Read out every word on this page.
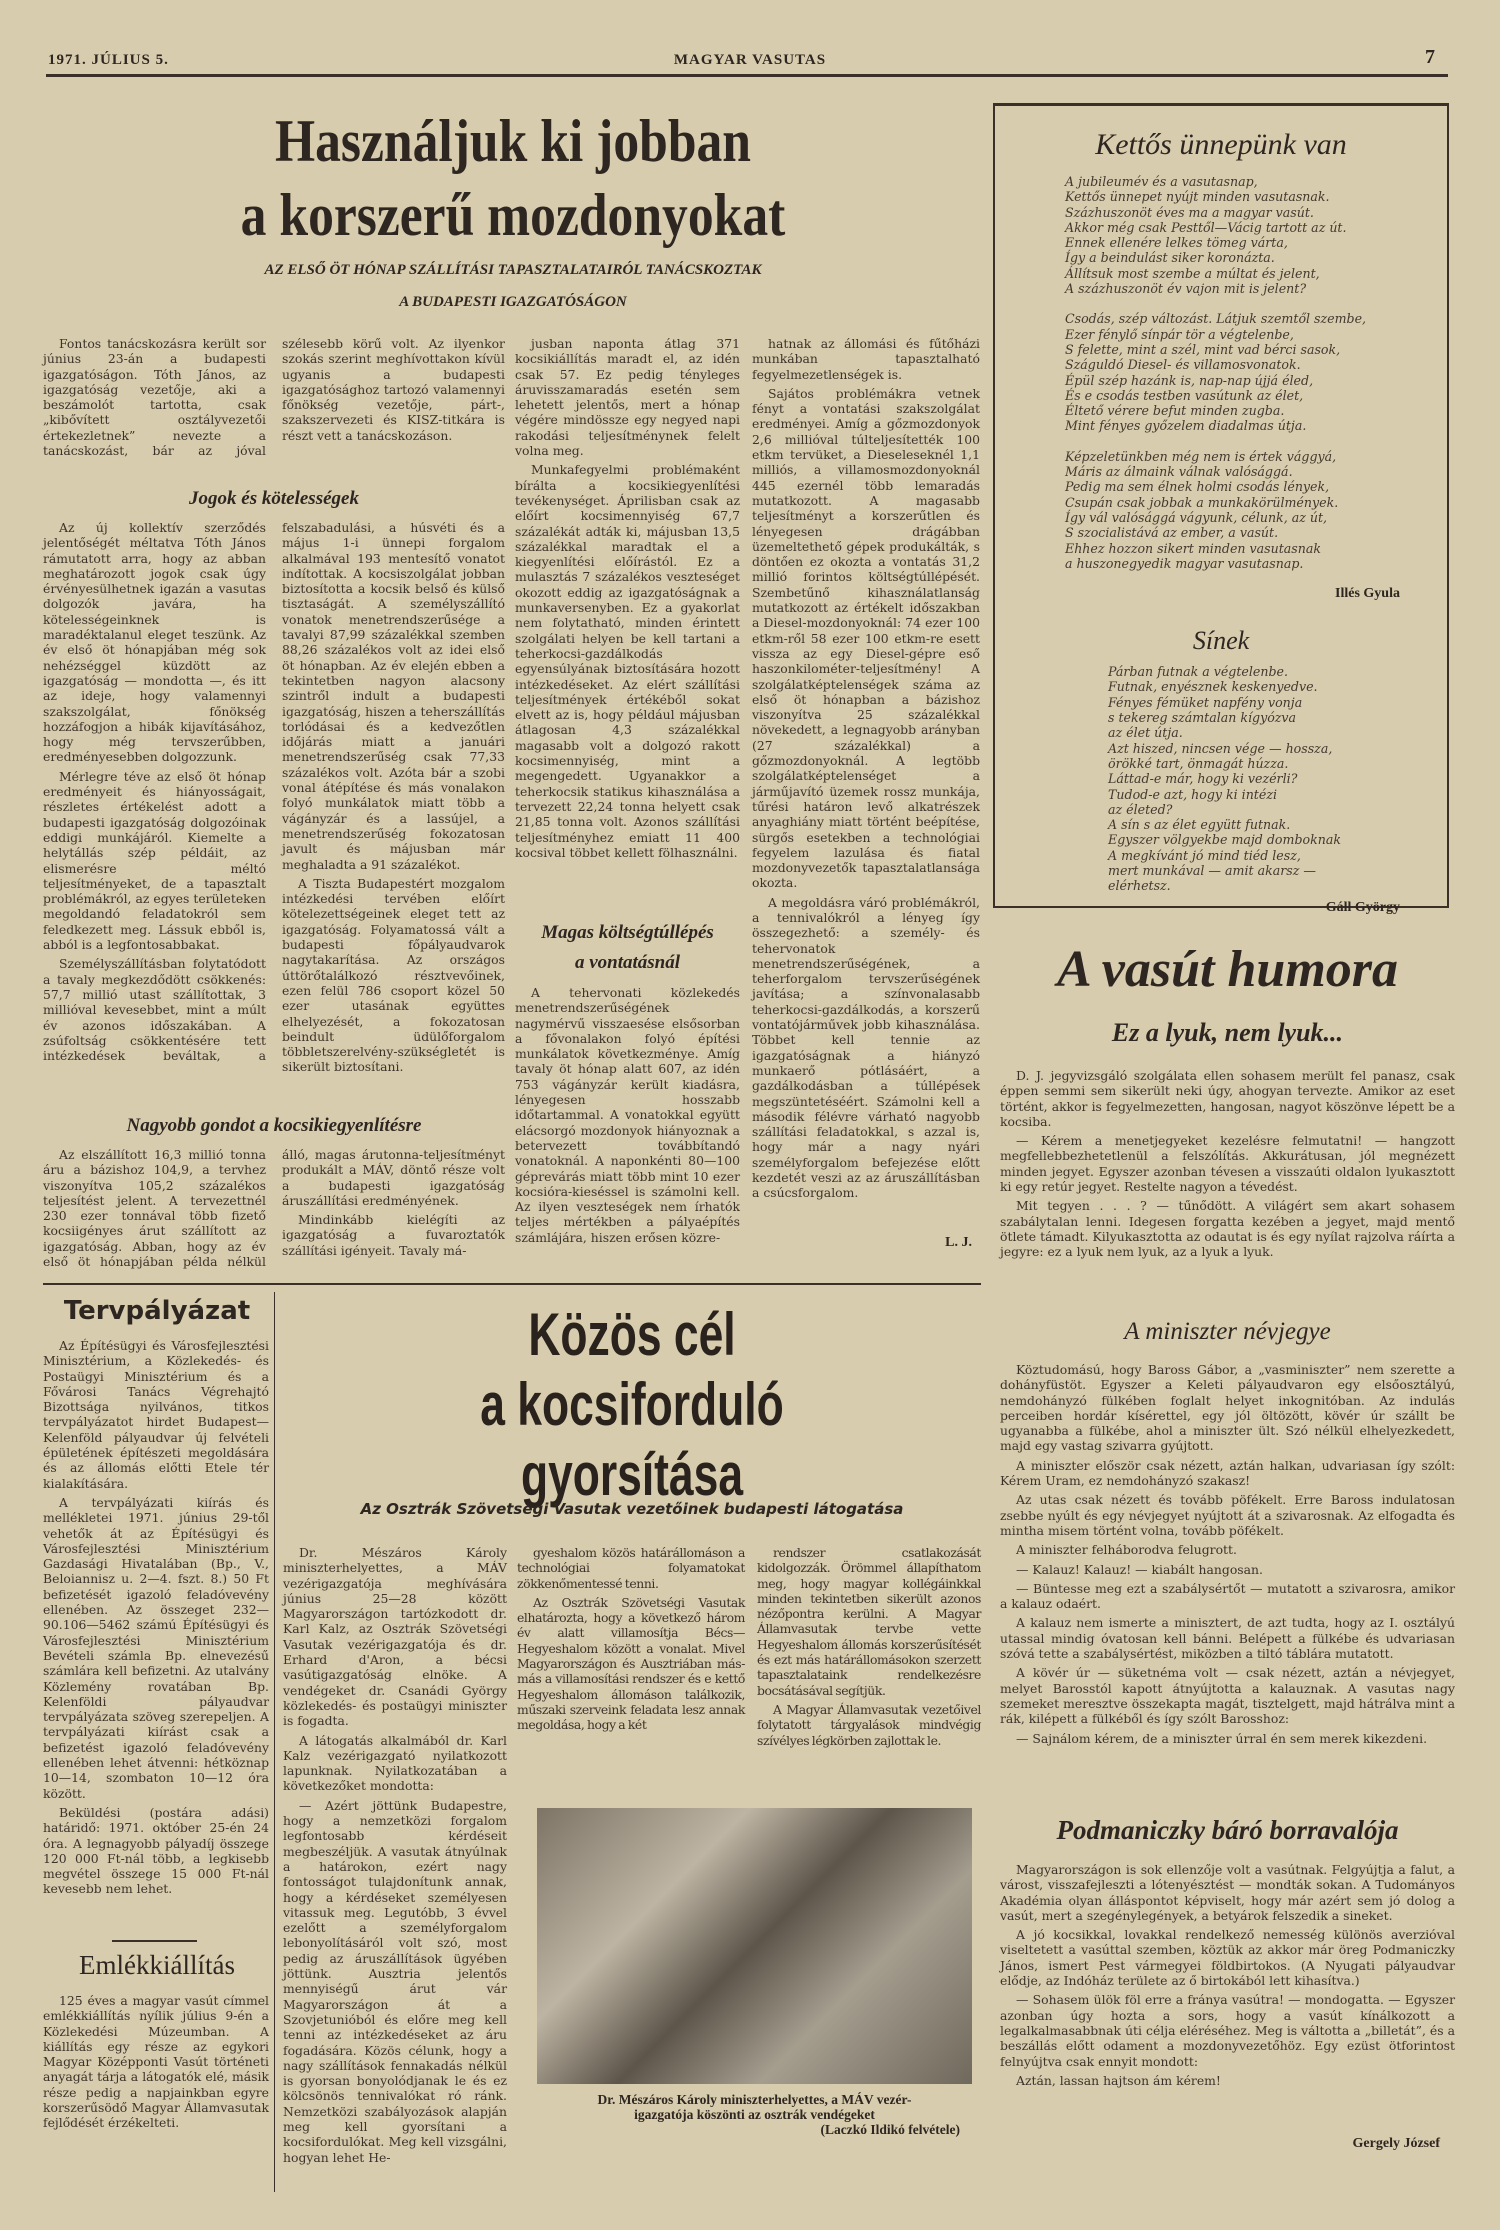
1971. JÚLIUS 5.	MAGYAR VASUTAS	7
Használjuk ki jobban
a korszerű mozdonyokat
AZ ELSŐ ÖT HÓNAP SZÁLLÍTÁSI TAPASZTALATAIRÓL TANÁCSKOZTAK
A BUDAPESTI IGAZGATÓSÁGON

Fontos tanácskozásra került sor június 23-án a budapesti igazgatóságon. Tóth János, az igazgatóság vezetője, aki a beszámolót tartotta, csak „kibővített osztályvezetői értekezletnek” nevezte a tanácskozást, bár az jóval szélesebb körű volt. Az ilyenkor szokás szerint meghívottakon kívül ugyanis a budapesti igazgatósághoz tartozó valamennyi főnökség vezetője, párt-, szakszervezeti és KISZ-titkára is részt vett a tanácskozáson.

Jogok és kötelességek

Az új kollektív szerződés jelentőségét méltatva Tóth János rámutatott arra, hogy az abban meghatározott jogok csak úgy érvényesülhetnek igazán a vasutas dolgozók javára, ha kötelességeinknek is maradéktalanul eleget teszünk. Az év első öt hónapjában még sok nehézséggel küzdött az igazgatóság — mondotta —, és itt az ideje, hogy valamennyi szakszolgálat, főnökség hozzáfogjon a hibák kijavításához, hogy még tervszerűbben, eredményesebben dolgozzunk.

Mérlegre téve az első öt hónap eredményeit és hiányosságait, részletes értékelést adott a budapesti igazgatóság dolgozóinak eddigi munkájáról. Kiemelte a helytállás szép példáit, az elismerésre méltó teljesítményeket, de a tapasztalt problémákról, az egyes területeken megoldandó feladatokról sem feledkezett meg. Lássuk ebből is, abból is a legfontosabbakat.

Személyszállításban folytatódott a tavaly megkezdődött csökkenés: 57,7 millió utast szállítottak, 3 millióval kevesebbet, mint a múlt év azonos időszakában. A zsúfoltság csökkentésére tett intézkedések beváltak, a felszabadulási, a húsvéti és a május 1-i ünnepi forgalom alkalmával 193 mentesítő vonatot indítottak. A kocsiszolgálat jobban biztosította a kocsik belső és külső tisztaságát. A személyszállító vonatok menetrendszerűsége a tavalyi 87,99 százalékkal szemben 88,26 százalékos volt az idei első öt hónapban. Az év elején ebben a tekintetben nagyon alacsony szintről indult a budapesti igazgatóság, hiszen a teherszállítás torlódásai és a kedvezőtlen időjárás miatt a januári menetrendszerűség csak 77,33 százalékos volt. Azóta bár a szobi vonal átépítése és más vonalakon folyó munkálatok miatt több a vágányzár és a lassújel, a menetrendszerűség fokozatosan javult és májusban már meghaladta a 91 százalékot.

A Tiszta Budapestért mozgalom intézkedési tervében előírt kötelezettségeinek eleget tett az igazgatóság. Folyamatossá vált a budapesti főpályaudvarok nagytakarítása. Az országos úttörőtalálkozó résztvevőinek, ezen felül 786 csoport közel 50 ezer utasának együttes elhelyezését, a fokozatosan beindult üdülőforgalom többletszerelvény-szükségletét is sikerült biztosítani.

Nagyobb gondot a kocsikiegyenlítésre

Az elszállított 16,3 millió tonna áru a bázishoz 104,9, a tervhez viszonyítva 105,2 százalékos teljesítést jelent. A tervezettnél 230 ezer tonnával több fizető kocsiigényes árut szállított az igazgatóság. Abban, hogy az év első öt hónapjában példa nélkül álló, magas árutonna-teljesítményt produkált a MÁV, döntő része volt a budapesti igazgatóság áruszállítási eredményének.

Mindinkább kielégíti az igazgatóság a fuvaroztatók szállítási igényeit. Tavaly má-

jusban naponta átlag 371 kocsikiállítás maradt el, az idén csak 57. Ez pedig tényleges áruvisszamaradás esetén sem lehetett jelentős, mert a hónap végére mindössze egy negyed napi rakodási teljesítménynek felelt volna meg.

Munkafegyelmi problémaként bírálta a kocsikiegyenlítési tevékenységet. Áprilisban csak az előírt kocsimennyiség 67,7 százalékát adták ki, májusban 13,5 százalékkal maradtak el a kiegyenlítési előírástól. Ez a mulasztás 7 százalékos veszteséget okozott eddig az igazgatóságnak a munkaversenyben. Ez a gyakorlat nem folytatható, minden érintett szolgálati helyen be kell tartani a teherkocsi-gazdálkodás egyensúlyának biztosítására hozott intézkedéseket. Az elért szállítási teljesítmények értékéből sokat elvett az is, hogy például májusban átlagosan 4,3 százalékkal magasabb volt a dolgozó rakott kocsimennyiség, mint a megengedett. Ugyanakkor a teherkocsik statikus kihasználása a tervezett 22,24 tonna helyett csak 21,85 tonna volt. Azonos szállítási teljesítményhez emiatt 11 400 kocsival többet kellett fölhasználni.

Magas költségtúllépés
a vontatásnál

A tehervonati közlekedés menetrendszerűségének nagymérvű visszaesése elsősorban a fővonalakon folyó építési munkálatok következménye. Amíg tavaly öt hónap alatt 607, az idén 753 vágányzár került kiadásra, lényegesen hosszabb időtartammal. A vonatokkal együtt elácsorgó mozdonyok hiányoznak a betervezett továbbítandó vonatoknál. A naponkénti 80—100 géprevárás miatt több mint 10 ezer kocsióra-kieséssel is számolni kell. Az ilyen veszteségek nem írhatók teljes mértékben a pályaépítés számlájára, hiszen erősen közre-

hatnak az állomási és fűtőházi munkában tapasztalható fegyelmezetlenségek is.

Sajátos problémákra vetnek fényt a vontatási szakszolgálat eredményei. Amíg a gőzmozdonyok 2,6 millióval túlteljesítették 100 etkm tervüket, a Dieseleseknél 1,1 milliós, a villamosmozdonyoknál 445 ezernél több lemaradás mutatkozott. A magasabb teljesítményt a korszerűtlen és lényegesen drágábban üzemeltethető gépek produkálták, s döntően ez okozta a vontatás 31,2 millió forintos költségtúllépését. Szembetűnő kihasználatlanság mutatkozott az értékelt időszakban a Diesel-mozdonyoknál: 74 ezer 100 etkm-ről 58 ezer 100 etkm-re esett vissza az egy Diesel-gépre eső haszonkilométer-teljesítmény! A szolgálatképtelenségek száma az első öt hónapban a bázishoz viszonyítva 25 százalékkal növekedett, a legnagyobb arányban (27 százalékkal) a gőzmozdonyoknál. A legtöbb szolgálatképtelenséget a járműjavító üzemek rossz munkája, tűrési határon levő alkatrészek anyaghiány miatt történt beépítése, sürgős esetekben a technológiai fegyelem lazulása és fiatal mozdonyvezetők tapasztalatlansága okozta.

A megoldásra váró problémákról, a tennivalókról a lényeg így összegezhető: a személy- és tehervonatok menetrendszerűségének, a teherforgalom tervszerűségének javítása; a színvonalasabb teherkocsi-gazdálkodás, a korszerű vontatójárművek jobb kihasználása. Többet kell tennie az igazgatóságnak a hiányzó munkaerő pótlásáért, a gazdálkodásban a túllépések megszüntetéséért. Számolni kell a második félévre várható nagyobb szállítási feladatokkal, s azzal is, hogy már a nagy nyári személyforgalom befejezése előtt kezdetét veszi az az áruszállításban a csúcsforgalom.

L. J.
Kettős ünnepünk van
A jubileumév és a vasutasnap,
Kettős ünnepet nyújt minden vasutasnak.
Százhuszonöt éves ma a magyar vasút.
Akkor még csak Pesttől—Vácig tartott az út.
Ennek ellenére lelkes tömeg várta,
Így a beindulást siker koronázta.
Állítsuk most szembe a múltat és jelent,
A százhuszonöt év vajon mit is jelent?
Csodás, szép változást. Látjuk szemtől szembe,
Ezer fénylő sínpár tör a végtelenbe,
S felette, mint a szél, mint vad bérci sasok,
Száguldó Diesel- és villamosvonatok.
Épül szép hazánk is, nap-nap újjá éled,
És e csodás testben vasútunk az élet,
Éltető vérere befut minden zugba.
Mint fényes győzelem diadalmas útja.
Képzeletünkben még nem is értek vággyá,
Máris az álmaink válnak valósággá.
Pedig ma sem élnek holmi csodás lények,
Csupán csak jobbak a munkakörülmények.
Így vál valósággá vágyunk, célunk, az út,
S szocialistává az ember, a vasút.
Ehhez hozzon sikert minden vasutasnak
a huszonegyedik magyar vasutasnap.
Illés Gyula
Sínek
Párban futnak a végtelenbe.
Futnak, enyésznek keskenyedve.
Fényes fémüket napfény vonja
s tekereg számtalan kígyózva
az élet útja.
Azt hiszed, nincsen vége — hossza,
örökké tart, önmagát húzza.
Láttad-e már, hogy ki vezérli?
Tudod-e azt, hogy ki intézi
az életed?
A sín s az élet együtt futnak.
Egyszer völgyekbe majd domboknak
A megkívánt jó mind tiéd lesz,
mert munkával — amit akarsz —
elérhetsz.
Gáll György
A vasút humora
Ez a lyuk, nem lyuk...

D. J. jegyvizsgáló szolgálata ellen sohasem merült fel panasz, csak éppen semmi sem sikerült neki úgy, ahogyan tervezte. Amikor az eset történt, akkor is fegyelmezetten, hangosan, nagyot köszönve lépett be a kocsiba.

— Kérem a menetjegyeket kezelésre felmutatni! — hangzott megfellebbezhetetlenül a felszólítás. Akkurátusan, jól megnézett minden jegyet. Egyszer azonban tévesen a visszaúti oldalon lyukasztott ki egy retúr jegyet. Restelte nagyon a tévedést.

Mit tegyen . . . ? — tűnődött. A világért sem akart sohasem szabálytalan lenni. Idegesen forgatta kezében a jegyet, majd mentő ötlete támadt. Kilyukasztotta az odautat is és egy nyílat rajzolva ráírta a jegyre: ez a lyuk nem lyuk, az a lyuk a lyuk.

A miniszter névjegye

Köztudomású, hogy Baross Gábor, a „vasminiszter” nem szerette a dohányfüstöt. Egyszer a Keleti pályaudvaron egy elsőosztályú, nemdohányzó fülkében foglalt helyet inkognitóban. Az indulás perceiben hordár kísérettel, egy jól öltözött, kövér úr szállt be ugyanabba a fülkébe, ahol a miniszter ült. Szó nélkül elhelyezkedett, majd egy vastag szivarra gyújtott.

A miniszter először csak nézett, aztán halkan, udvariasan így szólt: Kérem Uram, ez nemdohányzó szakasz!

Az utas csak nézett és tovább pöfékelt. Erre Baross indulatosan zsebbe nyúlt és egy névjegyet nyújtott át a szivarosnak. Az elfogadta és mintha misem történt volna, tovább pöfékelt.

A miniszter felháborodva felugrott.

— Kalauz! Kalauz! — kiabált hangosan.

— Büntesse meg ezt a szabálysértőt — mutatott a szivarosra, amikor a kalauz odaért.

A kalauz nem ismerte a minisztert, de azt tudta, hogy az I. osztályú utassal mindig óvatosan kell bánni. Belépett a fülkébe és udvariasan szóvá tette a szabálysértést, miközben a tiltó táblára mutatott.

A kövér úr — süketnéma volt — csak nézett, aztán a névjegyet, melyet Barosstól kapott átnyújtotta a kalauznak. A vasutas nagy szemeket meresztve összekapta magát, tisztelgett, majd hátrálva mint a rák, kilépett a fülkéből és így szólt Barosshoz:

— Sajnálom kérem, de a miniszter úrral én sem merek kikezdeni.

Podmaniczky báró borravalója

Magyarországon is sok ellenzője volt a vasútnak. Felgyújtja a falut, a várost, visszafejleszti a lótenyésztést — mondták sokan. A Tudományos Akadémia olyan álláspontot képviselt, hogy már azért sem jó dolog a vasút, mert a szegénylegények, a betyárok felszedik a sineket.

A jó kocsikkal, lovakkal rendelkező nemesség különös averzióval viseltetett a vasúttal szemben, köztük az akkor már öreg Podmaniczky János, ismert Pest vármegyei földbirtokos. (A Nyugati pályaudvar elődje, az Indóház területe az ő birtokából lett kihasítva.)

— Sohasem ülök föl erre a fránya vasútra! — mondogatta. — Egyszer azonban úgy hozta a sors, hogy a vasút kínálkozott a legalkalmasabbnak úti célja eléréséhez. Meg is váltotta a „billetát”, és a beszállás előtt odament a mozdonyvezetőhöz. Egy ezüst ötforintost felnyújtva csak ennyit mondott:

Aztán, lassan hajtson ám kérem!

Gergely József
Tervpályázat

Az Építésügyi és Városfejlesztési Minisztérium, a Közlekedés- és Postaügyi Minisztérium és a Fővárosi Tanács Végrehajtó Bizottsága nyilvános, titkos tervpályázatot hirdet Budapest—Kelenföld pályaudvar új felvételi épületének építészeti megoldására és az állomás előtti Etele tér kialakítására.

A tervpályázati kiírás és mellékletei 1971. június 29-től vehetők át az Építésügyi és Városfejlesztési Minisztérium Gazdasági Hivatalában (Bp., V., Beloiannisz u. 2—4. fszt. 8.) 50 Ft befizetését igazoló feladóvevény ellenében. Az összeget 232—90.106—5462 számú Építésügyi és Városfejlesztési Minisztérium Bevételi számla Bp. elnevezésű számlára kell befizetni. Az utalvány Közlemény rovatában Bp. Kelenföldi pályaudvar tervpályázata szöveg szerepeljen. A tervpályázati kiírást csak a befizetést igazoló feladóvevény ellenében lehet átvenni: hétköznap 10—14, szombaton 10—12 óra között.

Beküldési (postára adási) határidő: 1971. október 25-én 24 óra. A legnagyobb pályadíj összege 120 000 Ft-nál több, a legkisebb megvétel összege 15 000 Ft-nál kevesebb nem lehet.

Emlékkiállítás

125 éves a magyar vasút címmel emlékkiállítás nyílik július 9-én a Közlekedési Múzeumban. A kiállítás egy része az egykori Magyar Középponti Vasút történeti anyagát tárja a látogatók elé, másik része pedig a napjainkban egyre korszerűsödő Magyar Államvasutak fejlődését érzékelteti.

Közös cél
a kocsiforduló gyorsítása
Az Osztrák Szövetségi Vasutak vezetőinek budapesti látogatása

Dr. Mészáros Károly miniszterhelyettes, a MÁV vezérigazgatója meghívására június 25—28 között Magyarországon tartózkodott dr. Karl Kalz, az Osztrák Szövetségi Vasutak vezérigazgatója és dr. Erhard d'Aron, a bécsi vasútigazgatóság elnöke. A vendégeket dr. Csanádi György közlekedés- és postaügyi miniszter is fogadta.

A látogatás alkalmából dr. Karl Kalz vezérigazgató nyilatkozott lapunknak. Nyilatkozatában a következőket mondotta:

— Azért jöttünk Budapestre, hogy a nemzetközi forgalom legfontosabb kérdéseit megbeszéljük. A vasutak átnyúlnak a határokon, ezért nagy fontosságot tulajdonítunk annak, hogy a kérdéseket személyesen vitassuk meg. Legutóbb, 3 évvel ezelőtt a személyforgalom lebonyolításáról volt szó, most pedig az áruszállítások ügyében jöttünk. Ausztria jelentős mennyiségű árut vár Magyarországon át a Szovjetunióból és előre meg kell tenni az intézkedéseket az áru fogadására. Közös célunk, hogy a nagy szállítások fennakadás nélkül is gyorsan bonyolódjanak le és ez kölcsönös tennivalókat ró ránk. Nemzetközi szabályozások alapján meg kell gyorsítani a kocsifordulókat. Meg kell vizsgálni, hogyan lehet He-

gyeshalom közös határállomáson a technológiai folyamatokat zökkenőmentessé tenni.

Az Osztrák Szövetségi Vasutak elhatározta, hogy a következő három év alatt villamosítja Bécs—Hegyeshalom között a vonalat. Mivel Magyarországon és Ausztriában más-más a villamosítási rendszer és e kettő Hegyeshalom állomáson találkozik, műszaki szerveink feladata lesz annak megoldása, hogy a két

rendszer csatlakozását kidolgozzák. Örömmel állapíthatom meg, hogy magyar kollégáinkkal minden tekintetben sikerült azonos nézőpontra kerülni. A Magyar Államvasutak tervbe vette Hegyeshalom állomás korszerűsítését és ezt más határállomásokon szerzett tapasztalataink rendelkezésre bocsátásával segítjük.

A Magyar Államvasutak vezetőivel folytatott tárgyalások mindvégig szívélyes légkörben zajlottak le.

Dr. Mészáros Károly miniszterhelyettes, a MÁV vezér-
igazgatója köszönti az osztrák vendégeket
(Laczkó Ildikó felvétele)
